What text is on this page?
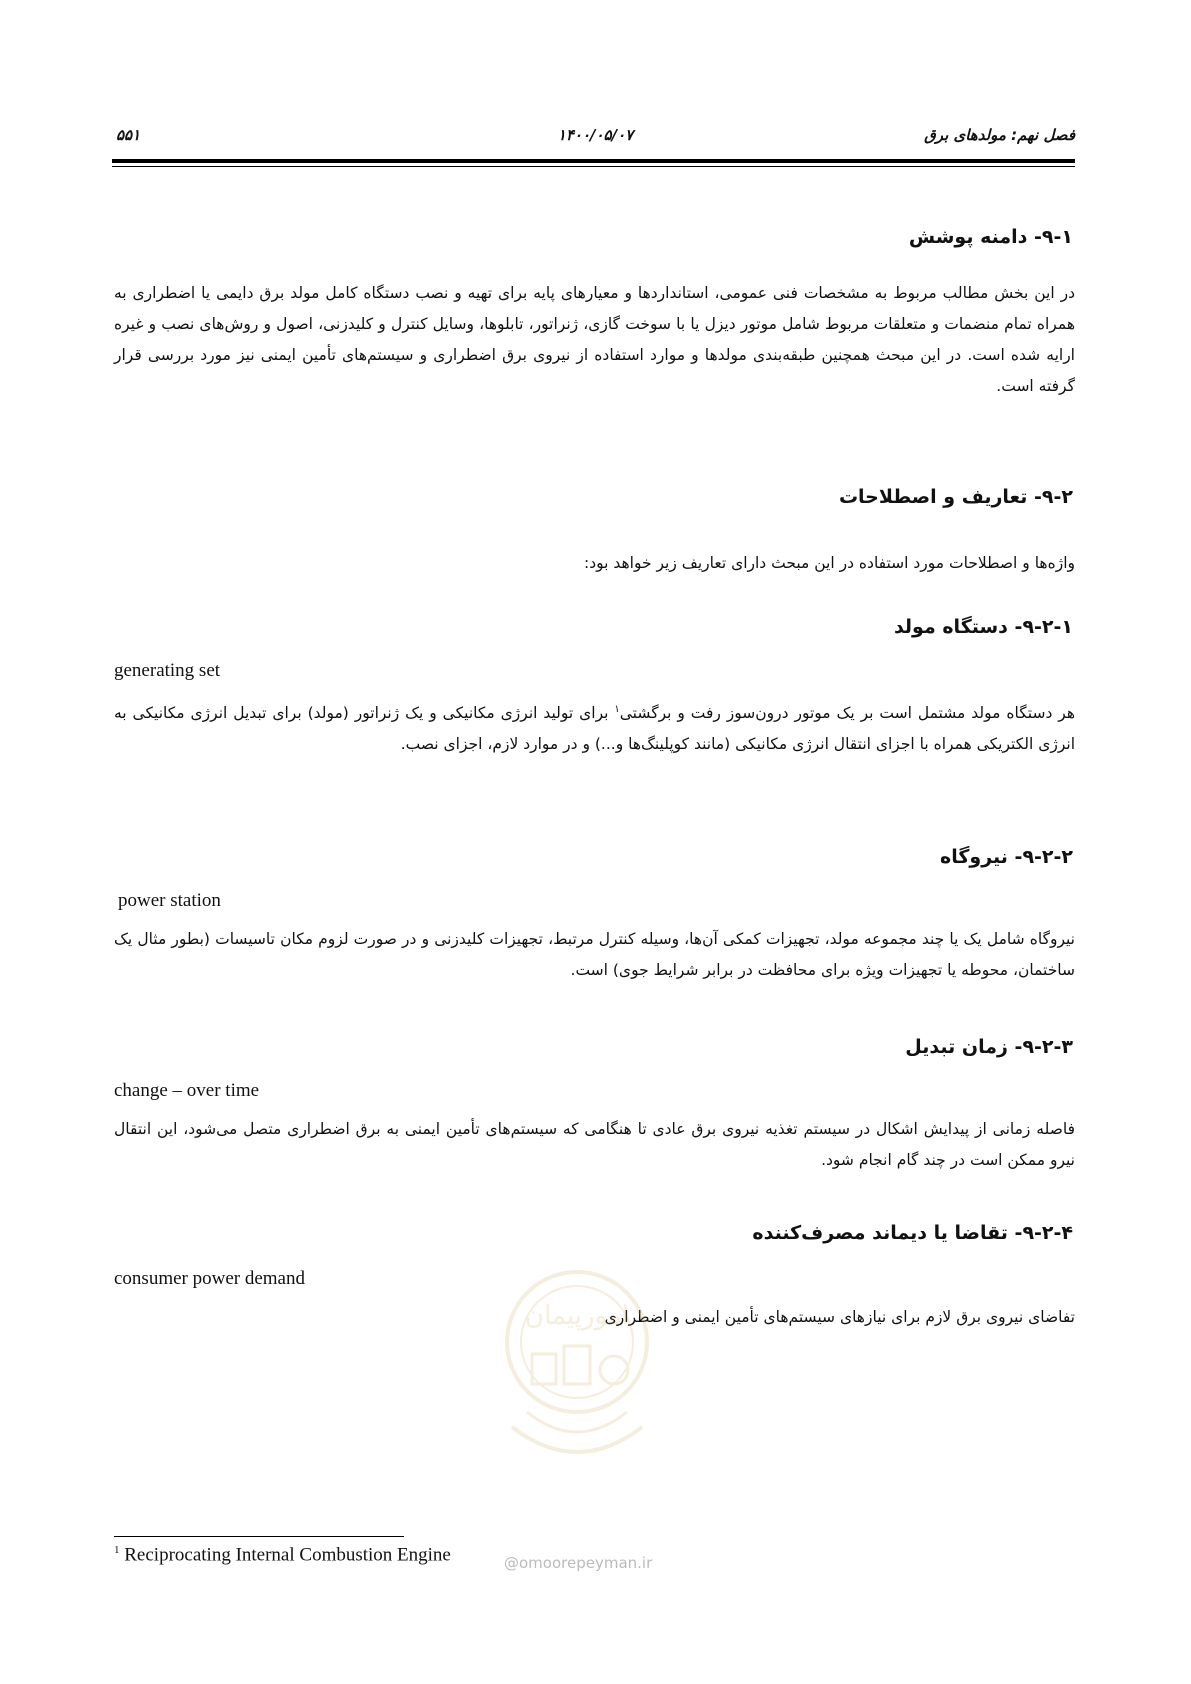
فصل نهم: مولدهای برق
۱۴۰۰/۰۵/۰۷
۵۵۱
۹-۱- دامنه پوشش
در این بخش مطالب مربوط به مشخصات فنی عمومی، استانداردها و معیارهای پایه برای تهیه و نصب دستگاه کامل مولد برق دایمی یا اضطراری به همراه تمام منضمات و متعلقات مربوط شامل موتور دیزل یا با سوخت گازی، ژنراتور، تابلوها، وسایل کنترل و کلیدزنی، اصول و روش‌های نصب و غیره ارایه شده است. در این مبحث همچنین طبقه‌بندی مولدها و موارد استفاده از نیروی برق اضطراری و سیستم‌های تأمین ایمنی نیز مورد بررسی قرار گرفته است.
۹-۲- تعاریف و اصطلاحات
واژه‌ها و اصطلاحات مورد استفاده در این مبحث دارای تعاریف زیر خواهد بود:
۹-۲-۱- دستگاه مولد
generating set
هر دستگاه مولد مشتمل است بر یک موتور درون‌سوز رفت و برگشتی$^۱$ برای تولید انرژی مکانیکی و یک ژنراتور (مولد) برای تبدیل انرژی مکانیکی به انرژی الکتریکی همراه با اجزای انتقال انرژی مکانیکی (مانند کوپلینگ‌ها و...) و در موارد لازم، اجزای نصب.
۹-۲-۲- نیروگاه
power station
نیروگاه شامل یک یا چند مجموعه مولد، تجهیزات کمکی آن‌ها، وسیله کنترل مرتبط، تجهیزات کلیدزنی و در صورت لزوم مکان تاسیسات (بطور مثال یک ساختمان، محوطه یا تجهیزات ویژه برای محافظت در برابر شرایط جوی) است.
۹-۲-۳- زمان تبدیل
change – over time
فاصله زمانی از پیدایش اشکال در سیستم تغذیه نیروی برق عادی تا هنگامی که سیستم‌های تأمین ایمنی به برق اضطراری متصل می‌شود، این انتقال نیرو ممکن است در چند گام انجام شود.
۹-۲-۴- تقاضا یا دیماند مصرف‌کننده
consumer power demand
تفاضای نیروی برق لازم برای نیازهای سیستم‌های تأمین ایمنی و اضطراری
امورپیمان
@omoorepeyman.ir
$^1$ Reciprocating Internal Combustion Engine
